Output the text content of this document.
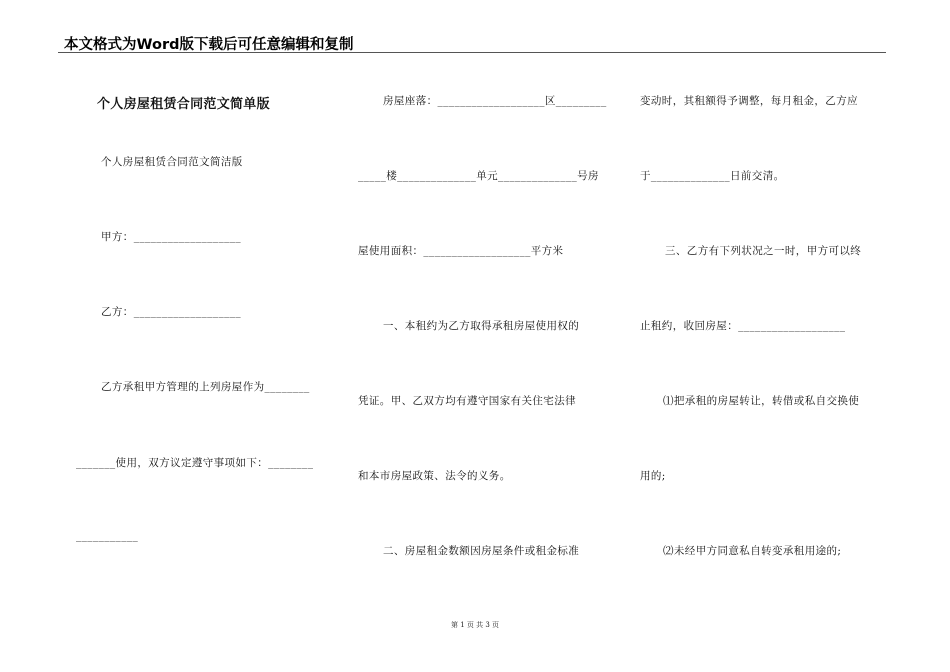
本文格式为Word版下载后可任意编辑和复制
个人房屋租赁合同范文简单版
个人房屋租赁合同范文简洁版
甲方：___________________
乙方：___________________
乙方承租甲方管理的上列房屋作为________
_______使用，双方议定遵守事项如下：________
___________
房屋座落：___________________区_________
_____楼______________单元______________号房
屋使用面积：___________________平方米
一、本租约为乙方取得承租房屋使用权的
凭证。甲、乙双方均有遵守国家有关住宅法律
和本市房屋政策、法令的义务。
二、房屋租金数额因房屋条件或租金标准
变动时，其租额得予调整，每月租金，乙方应
于______________日前交清。
三、乙方有下列状况之一时，甲方可以终
止租约，收回房屋：___________________
⑴把承租的房屋转让，转借或私自交换使
用的;
⑵未经甲方同意私自转变承租用途的;
第 1 页 共 3 页
